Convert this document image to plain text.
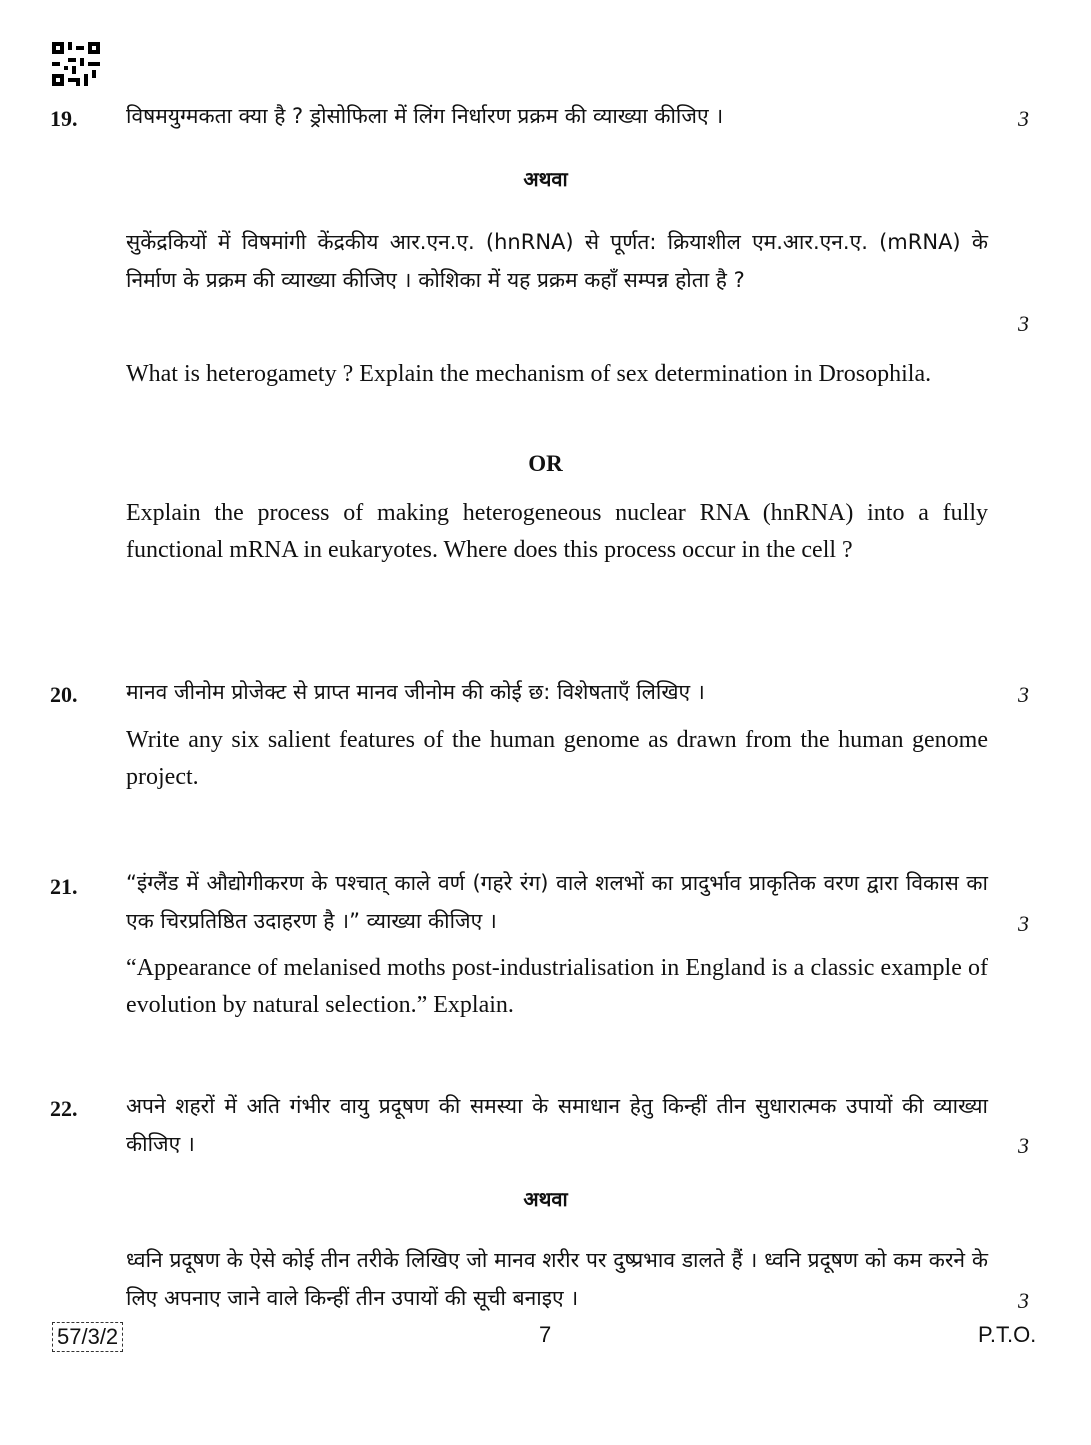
19. विषमयुग्मकता क्या है ? ड्रोसोफिला में लिंग निर्धारण प्रक्रम की व्याख्या कीजिए ।	3
अथवा
सुकेंद्रकियों में विषमांगी केंद्रकीय आर.एन.ए. (hnRNA) से पूर्णत: क्रियाशील एम.आर.एन.ए. (mRNA) के निर्माण के प्रक्रम की व्याख्या कीजिए । कोशिका में यह प्रक्रम कहाँ सम्पन्न होता है ?
3
What is heterogamety ? Explain the mechanism of sex determination in Drosophila.
OR
Explain the process of making heterogeneous nuclear RNA (hnRNA) into a fully functional mRNA in eukaryotes. Where does this process occur in the cell ?
20. मानव जीनोम प्रोजेक्ट से प्राप्त मानव जीनोम की कोई छ: विशेषताएँ लिखिए ।	3
Write any six salient features of the human genome as drawn from the human genome project.
21. “इंग्लैंड में औद्योगीकरण के पश्चात् काले वर्ण (गहरे रंग) वाले शलभों का प्रादुर्भाव प्राकृतिक वरण द्वारा विकास का एक चिरप्रतिष्ठित उदाहरण है ।” व्याख्या कीजिए ।	3
“Appearance of melanised moths post-industrialisation in England is a classic example of evolution by natural selection.” Explain.
22. अपने शहरों में अति गंभीर वायु प्रदूषण की समस्या के समाधान हेतु किन्हीं तीन सुधारात्मक उपायों की व्याख्या कीजिए ।	3
अथवा
ध्वनि प्रदूषण के ऐसे कोई तीन तरीके लिखिए जो मानव शरीर पर दुष्प्रभाव डालते हैं । ध्वनि प्रदूषण को कम करने के लिए अपनाए जाने वाले किन्हीं तीन उपायों की सूची बनाइए ।	3
57/3/2	7	P.T.O.
